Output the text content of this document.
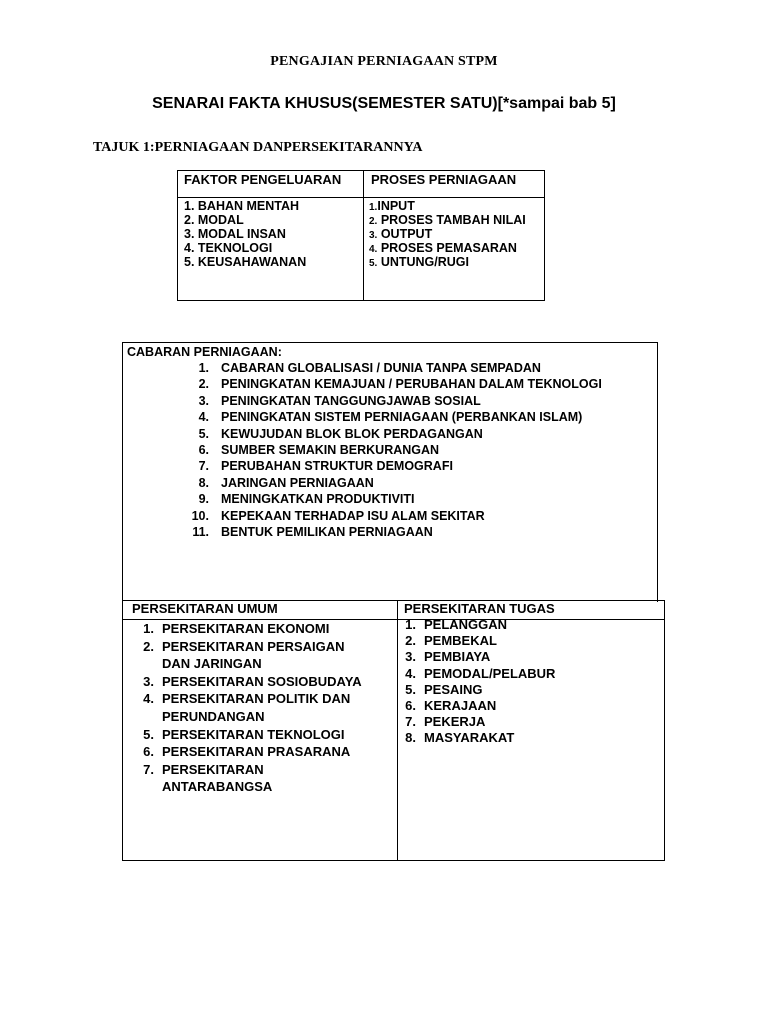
PENGAJIAN PERNIAGAAN STPM
SENARAI FAKTA KHUSUS(SEMESTER SATU)[*sampai bab 5]
TAJUK 1:PERNIAGAAN DANPERSEKITARANNYA
FAKTOR PENGELUARAN PROSES PERNIAGAAN
1. BAHAN MENTAH
2. MODAL
3. MODAL INSAN
4. TEKNOLOGI
5. KEUSAHAWANAN
1.INPUT
2. PROSES TAMBAH NILAI
3. OUTPUT
4. PROSES PEMASARAN
5. UNTUNG/RUGI
CABARAN PERNIAGAAN:
1. CABARAN GLOBALISASI / DUNIA TANPA SEMPADAN
2. PENINGKATAN KEMAJUAN / PERUBAHAN DALAM TEKNOLOGI
3. PENINGKATAN TANGGUNGJAWAB SOSIAL
4. PENINGKATAN SISTEM PERNIAGAAN (PERBANKAN ISLAM)
5. KEWUJUDAN BLOK BLOK PERDAGANGAN
6. SUMBER SEMAKIN BERKURANGAN
7. PERUBAHAN STRUKTUR DEMOGRAFI
8. JARINGAN PERNIAGAAN
9. MENINGKATKAN PRODUKTIVITI
10. KEPEKAAN TERHADAP ISU ALAM SEKITAR
11. BENTUK PEMILIKAN PERNIAGAAN
PERSEKITARAN UMUM	PERSEKITARAN TUGAS
1. PERSEKITARAN EKONOMI
2. PERSEKITARAN PERSAIGAN DAN JARINGAN
3. PERSEKITARAN SOSIOBUDAYA
4. PERSEKITARAN POLITIK DAN PERUNDANGAN
5. PERSEKITARAN TEKNOLOGI
6. PERSEKITARAN PRASARANA
7. PERSEKITARAN ANTARABANGSA
1. PELANGGAN
2. PEMBEKAL
3. PEMBIAYA
4. PEMODAL/PELABUR
5. PESAING
6. KERAJAAN
7. PEKERJA
8. MASYARAKAT
